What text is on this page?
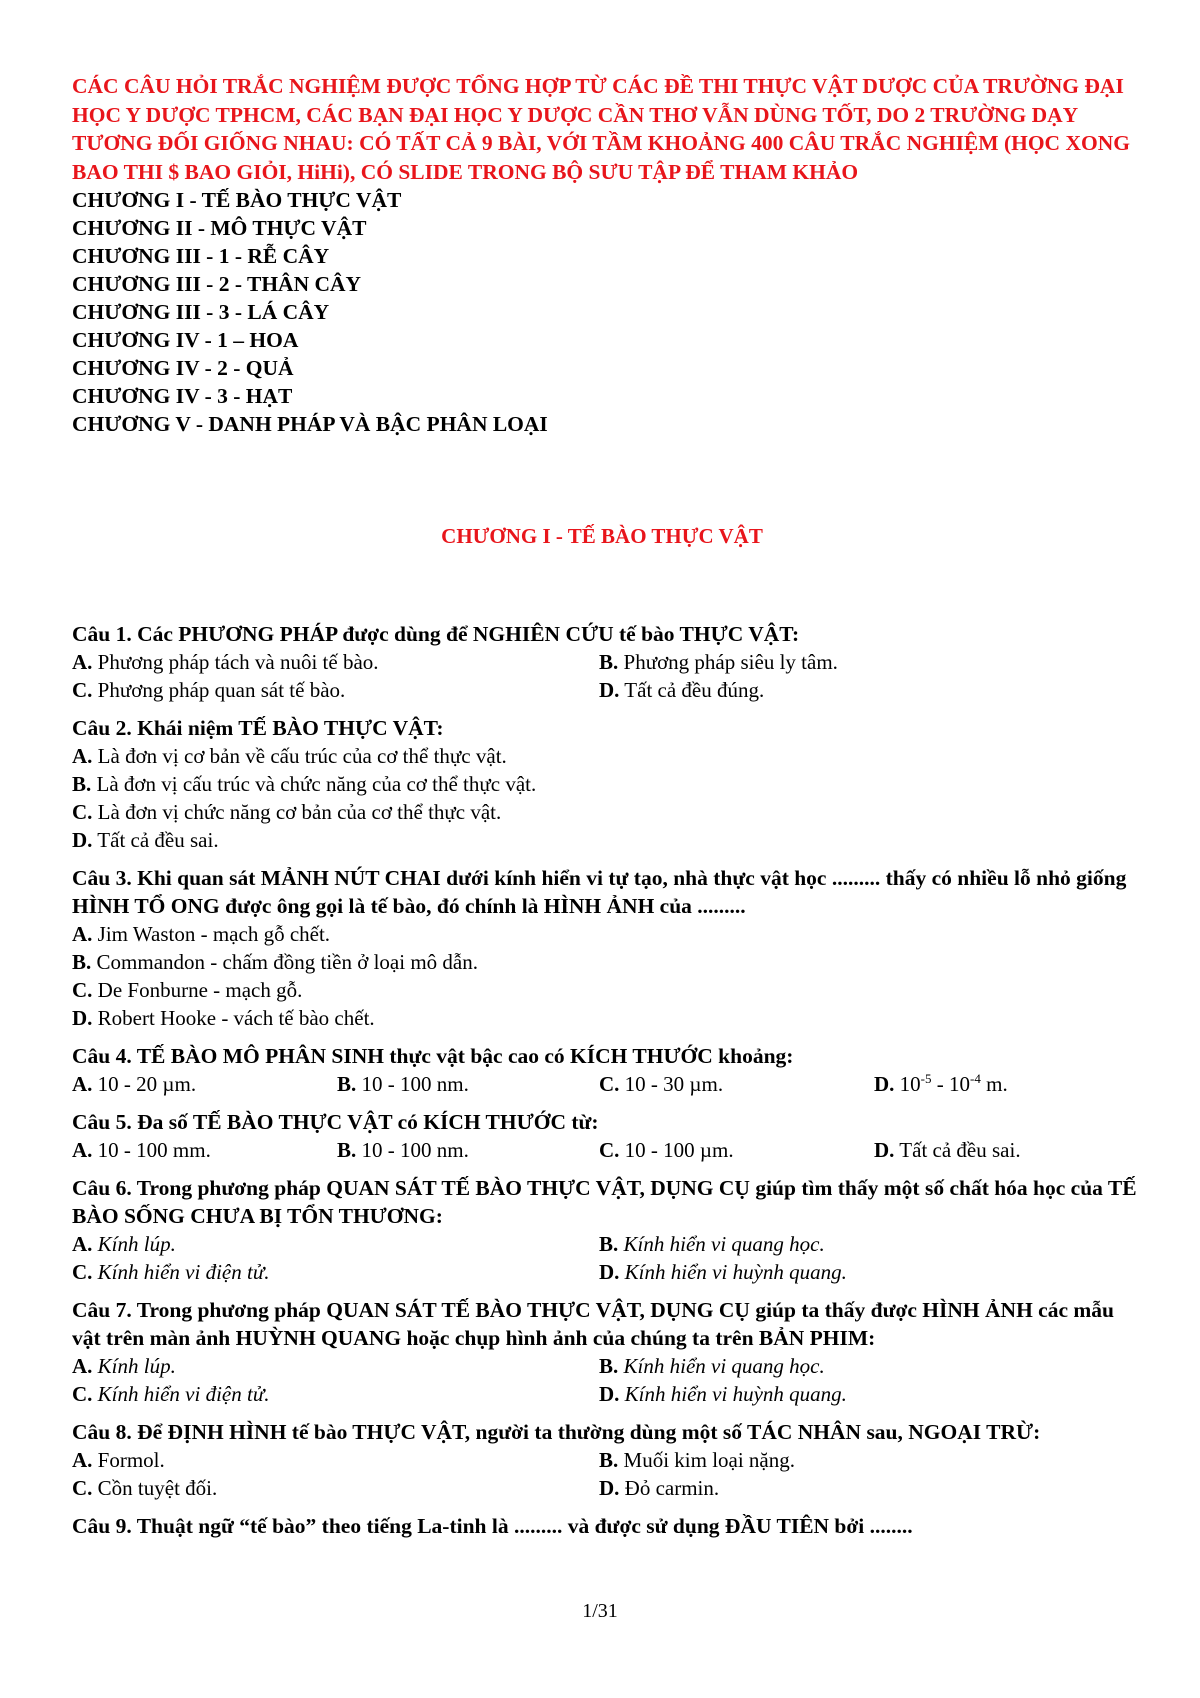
CÁC CÂU HỎI TRẮC NGHIỆM ĐƯỢC TỔNG HỢP TỪ CÁC ĐỀ THI THỰC VẬT DƯỢC CỦA TRƯỜNG ĐẠI HỌC Y DƯỢC TPHCM, CÁC BẠN ĐẠI HỌC Y DƯỢC CẦN THƠ VẪN DÙNG TỐT, DO 2 TRƯỜNG DẠY TƯƠNG ĐỐI GIỐNG NHAU: CÓ TẤT CẢ 9 BÀI, VỚI TẦM KHOẢNG 400 CÂU TRẮC NGHIỆM (HỌC XONG BAO THI $ BAO GIỎI, HiHi), CÓ SLIDE TRONG BỘ SƯU TẬP ĐỂ THAM KHẢO

CHƯƠNG I - TẾ BÀO THỰC VẬT
CHƯƠNG II - MÔ THỰC VẬT
CHƯƠNG III - 1 - RỄ CÂY
CHƯƠNG III - 2 - THÂN CÂY
CHƯƠNG III - 3 - LÁ CÂY
CHƯƠNG IV - 1 – HOA
CHƯƠNG IV - 2 - QUẢ
CHƯƠNG IV - 3 - HẠT
CHƯƠNG V - DANH PHÁP VÀ BẬC PHÂN LOẠI
CHƯƠNG I - TẾ BÀO THỰC VẬT
Câu 1. Các PHƯƠNG PHÁP được dùng để NGHIÊN CỨU tế bào THỰC VẬT:
A. Phương pháp tách và nuôi tế bào.	B. Phương pháp siêu ly tâm.
C. Phương pháp quan sát tế bào.	D. Tất cả đều đúng.
Câu 2. Khái niệm TẾ BÀO THỰC VẬT:
A. Là đơn vị cơ bản về cấu trúc của cơ thể thực vật.
B. Là đơn vị cấu trúc và chức năng của cơ thể thực vật.
C. Là đơn vị chức năng cơ bản của cơ thể thực vật.
D. Tất cả đều sai.
Câu 3. Khi quan sát MẢNH NÚT CHAI dưới kính hiển vi tự tạo, nhà thực vật học ......... thấy có nhiều lỗ nhỏ giống HÌNH TỔ ONG được ông gọi là tế bào, đó chính là HÌNH ẢNH của .........
A. Jim Waston - mạch gỗ chết.
B. Commandon - chấm đồng tiền ở loại mô dẫn.
C. De Fonburne - mạch gỗ.
D. Robert Hooke - vách tế bào chết.
Câu 4. TẾ BÀO MÔ PHÂN SINH thực vật bậc cao có KÍCH THƯỚC khoảng:
A. 10 - 20 µm.	B. 10 - 100 nm.	C. 10 - 30 µm.	D. $10^{-5} - 10^{-4}$ m.
Câu 5. Đa số TẾ BÀO THỰC VẬT có KÍCH THƯỚC từ:
A. 10 - 100 mm.	B. 10 - 100 nm.	C. 10 - 100 µm.	D. Tất cả đều sai.
Câu 6. Trong phương pháp QUAN SÁT TẾ BÀO THỰC VẬT, DỤNG CỤ giúp tìm thấy một số chất hóa học của TẾ BÀO SỐNG CHƯA BỊ TỔN THƯƠNG:
A. Kính lúp.	B. Kính hiển vi quang học.
C. Kính hiển vi điện tử.	D. Kính hiển vi huỳnh quang.
Câu 7. Trong phương pháp QUAN SÁT TẾ BÀO THỰC VẬT, DỤNG CỤ giúp ta thấy được HÌNH ẢNH các mẫu vật trên màn ảnh HUỲNH QUANG hoặc chụp hình ảnh của chúng ta trên BẢN PHIM:
A. Kính lúp.	B. Kính hiển vi quang học.
C. Kính hiển vi điện tử.	D. Kính hiển vi huỳnh quang.
Câu 8. Để ĐỊNH HÌNH tế bào THỰC VẬT, người ta thường dùng một số TÁC NHÂN sau, NGOẠI TRỪ:
A. Formol.	B. Muối kim loại nặng.
C. Cồn tuyệt đối.	D. Đỏ carmin.
Câu 9. Thuật ngữ “tế bào” theo tiếng La-tinh là ......... và được sử dụng ĐẦU TIÊN bởi ........
1/31
